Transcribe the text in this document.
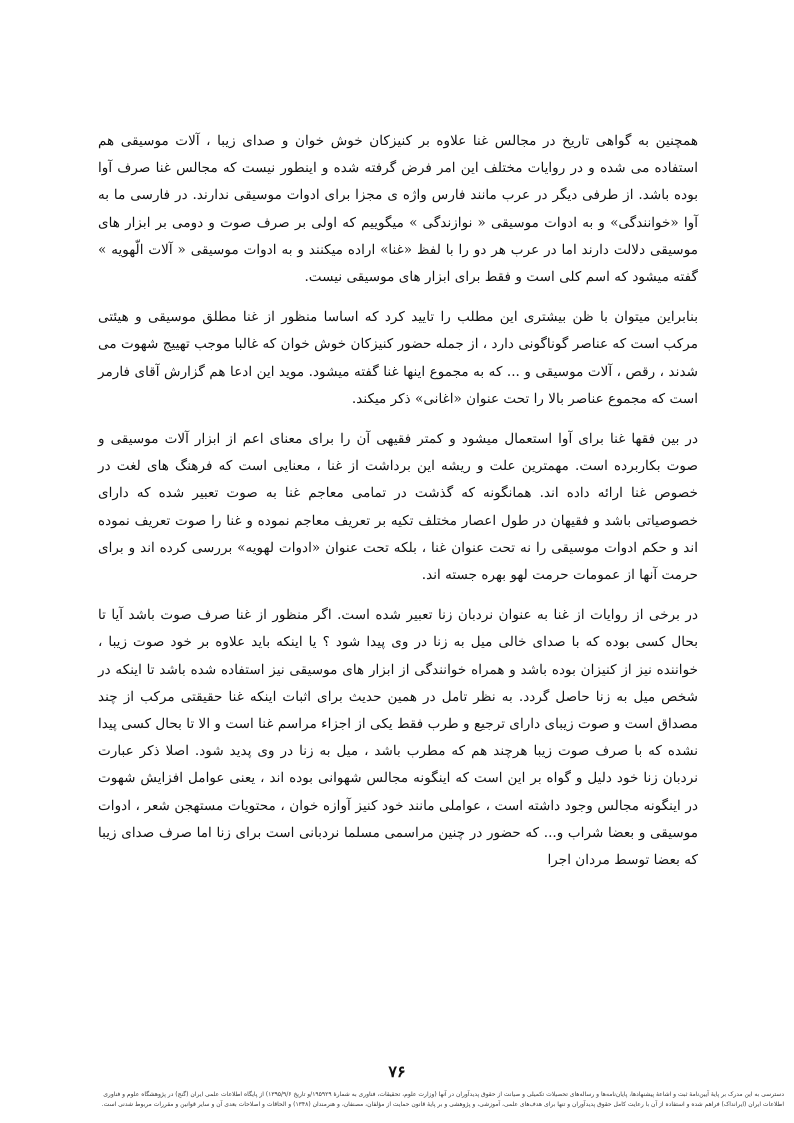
همچنین به گواهی تاریخ در مجالس غنا علاوه بر کنیزکان خوش خوان و صدای زیبا ، آلات موسیقی هم استفاده می شده و در روایات مختلف این امر فرض گرفته شده و اینطور نیست که مجالس غنا صرف آوا بوده باشد. از طرفی دیگر در عرب مانند فارس واژه ی مجزا برای ادوات موسیقی ندارند. در فارسی ما به آوا «خوانندگی» و به ادوات موسیقی « نوازندگی » میگوییم که اولی بر صرف صوت و دومی بر ابزار های موسیقی دلالت دارند اما در عرب هر دو را با لفظ «غنا» اراده میکنند و به ادوات موسیقی « آلات الّهویه » گفته میشود که اسم کلی است و فقط برای ابزار های موسیقی نیست.

بنابراین میتوان با ظن بیشتری این مطلب را تایید کرد که اساسا منظور از غنا مطلق موسیقی و هیئتی مرکب است که عناصر گوناگونی دارد ، از جمله حضور کنیزکان خوش خوان که غالبا موجب تهییج شهوت می شدند ، رقص ، آلات موسیقی و ... که به مجموع اینها غنا گفته میشود. موید این ادعا هم گزارش آقای فارمر است که مجموع عناصر بالا را تحت عنوان «اغانی» ذکر میکند.

در بین فقها غنا برای آوا استعمال میشود و کمتر فقیهی آن را برای معنای اعم از ابزار آلات موسیقی و صوت بکاربرده است. مهمترین علت و ریشه این برداشت از غنا ، معنایی است که فرهنگ های لغت در خصوص غنا ارائه داده اند. همانگونه که گذشت در تمامی معاجم غنا به صوت تعبیر شده که دارای خصوصیاتی باشد و فقیهان در طول اعصار مختلف تکیه بر تعریف معاجم نموده و غنا را صوت تعریف نموده اند و حکم ادوات موسیقی را نه تحت عنوان غنا ، بلکه تحت عنوان «ادوات لهویه» بررسی کرده اند و برای حرمت آنها از عمومات حرمت لهو بهره جسته اند.

در برخی از روایات از غنا به عنوان نردبان زنا تعبیر شده است. اگر منظور از غنا صرف صوت باشد آیا تا بحال کسی بوده که با صدای خالی میل به زنا در وی پیدا شود ؟ یا اینکه باید علاوه بر خود صوت زیبا ، خواننده نیز از کنیزان بوده باشد و همراه خوانندگی از ابزار های موسیقی نیز استفاده شده باشد تا اینکه در شخص میل به زنا حاصل گردد. به نظر تامل در همین حدیث برای اثبات اینکه غنا حقیقتی مرکب از چند مصداق است و صوت زیبای دارای ترجیع و طرب فقط یکی از اجزاء مراسم غنا است و الا تا بحال کسی پیدا نشده که با صرف صوت زیبا هرچند هم که مطرب باشد ، میل به زنا در وی پدید شود. اصلا ذکر عبارت نردبان زنا خود دلیل و گواه بر این است که اینگونه مجالس شهوانی بوده اند ، یعنی عوامل افزایش شهوت در اینگونه مجالس وجود داشته است ، عواملی مانند خود کنیز آوازه خوان ، محتویات مستهجن شعر ، ادوات موسیقی و بعضا شراب و... که حضور در چنین مراسمی مسلما نردبانی است برای زنا اما صرف صدای زیبا که بعضا توسط مردان اجرا

۷۶
دسترسی به این مدرک بر پایهٔ آیین‌نامهٔ ثبت و اشاعهٔ پیشنهادها، پایان‌نامه‌ها و رساله‌های تحصیلات تکمیلی و صیانت از حقوق پدیدآوران در آنها (وزارت علوم، تحقیقات، فناوری به شمارهٔ ۱۹۵۹۲۹/و تاریخ ۱۳۹۵/۹/۶) از پایگاه اطلاعات علمی ایران (گنج) در پژوهشگاه علوم و فناوری
اطلاعات ایران (ایرانداک) فراهم شده و استفاده از آن با رعایت کامل حقوق پدیدآوران و تنها برای هدف‌های علمی، آموزشی، و پژوهشی و بر پایهٔ قانون حمایت از مؤلفان، مصنفان، و هنرمندان (۱۳۴۸) و الحاقات و اصلاحات بعدی آن و سایر قوانین و مقررات مربوط شدنی است.
